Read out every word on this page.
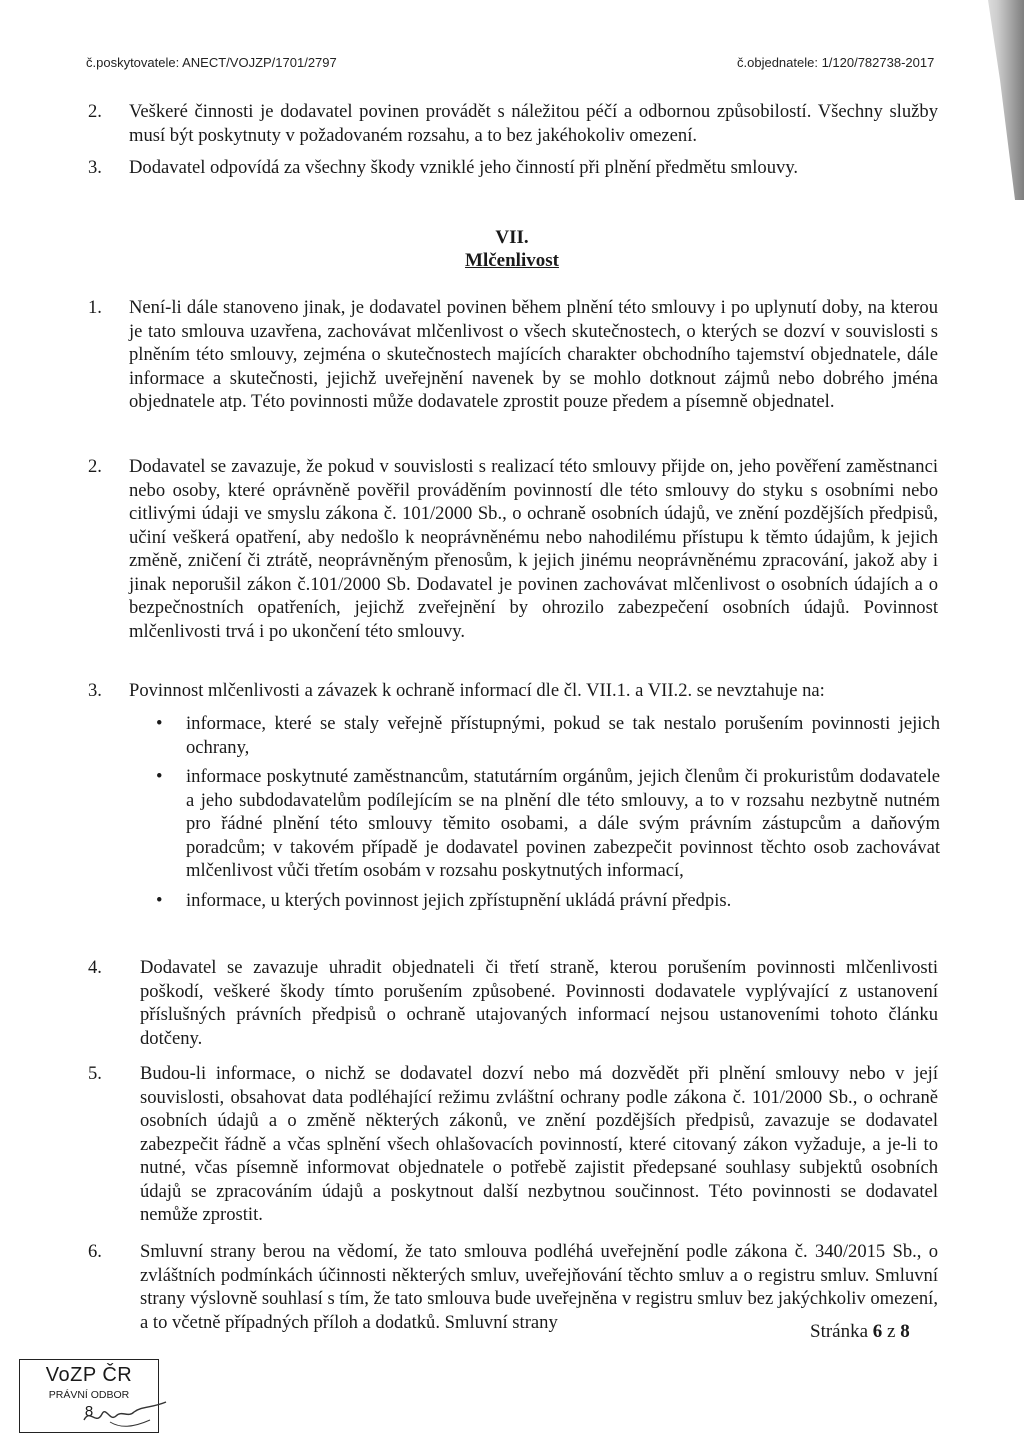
č.poskytovatele: ANECT/VOJZP/1701/2797	č.objednatele: 1/120/782738-2017
2.	Veškeré činnosti je dodavatel povinen provádět s náležitou péčí a odbornou způsobilostí. Všechny služby musí být poskytnuty v požadovaném rozsahu, a to bez jakéhokoliv omezení.
3.	Dodavatel odpovídá za všechny škody vzniklé jeho činností při plnění předmětu smlouvy.
VII.
Mlčenlivost
1.	Není-li dále stanoveno jinak, je dodavatel povinen během plnění této smlouvy i po uplynutí doby, na kterou je tato smlouva uzavřena, zachovávat mlčenlivost o všech skutečnostech, o kterých se dozví v souvislosti s plněním této smlouvy, zejména o skutečnostech majících charakter obchodního tajemství objednatele, dále informace a skutečnosti, jejichž uveřejnění navenek by se mohlo dotknout zájmů nebo dobrého jména objednatele atp. Této povinnosti může dodavatele zprostit pouze předem a písemně objednatel.
2.	Dodavatel se zavazuje, že pokud v souvislosti s realizací této smlouvy přijde on, jeho pověření zaměstnanci nebo osoby, které oprávněně pověřil prováděním povinností dle této smlouvy do styku s osobními nebo citlivými údaji ve smyslu zákona č. 101/2000 Sb., o ochraně osobních údajů, ve znění pozdějších předpisů, učiní veškerá opatření, aby nedošlo k neoprávněnému nebo nahodilému přístupu k těmto údajům, k jejich změně, zničení či ztrátě, neoprávněným přenosům, k jejich jinému neoprávněnému zpracování, jakož aby i jinak neporušil zákon č.101/2000 Sb. Dodavatel je povinen zachovávat mlčenlivost o osobních údajích a o bezpečnostních opatřeních, jejichž zveřejnění by ohrozilo zabezpečení osobních údajů. Povinnost mlčenlivosti trvá i po ukončení této smlouvy.
3.	Povinnost mlčenlivosti a závazek k ochraně informací dle čl. VII.1. a VII.2. se nevztahuje na:
• informace, které se staly veřejně přístupnými, pokud se tak nestalo porušením povinnosti jejich ochrany,
• informace poskytnuté zaměstnancům, statutárním orgánům, jejich členům či prokuristům dodavatele a jeho subdodavatelům podílejícím se na plnění dle této smlouvy, a to v rozsahu nezbytně nutném pro řádné plnění této smlouvy těmito osobami, a dále svým právním zástupcům a daňovým poradcům; v takovém případě je dodavatel povinen zabezpečit povinnost těchto osob zachovávat mlčenlivost vůči třetím osobám v rozsahu poskytnutých informací,
• informace, u kterých povinnost jejich zpřístupnění ukládá právní předpis.
4.	Dodavatel se zavazuje uhradit objednateli či třetí straně, kterou porušením povinnosti mlčenlivosti poškodí, veškeré škody tímto porušením způsobené. Povinnosti dodavatele vyplývající z ustanovení příslušných právních předpisů o ochraně utajovaných informací nejsou ustanoveními tohoto článku dotčeny.
5.	Budou-li informace, o nichž se dodavatel dozví nebo má dozvědět při plnění smlouvy nebo v její souvislosti, obsahovat data podléhající režimu zvláštní ochrany podle zákona č. 101/2000 Sb., o ochraně osobních údajů a o změně některých zákonů, ve znění pozdějších předpisů, zavazuje se dodavatel zabezpečit řádně a včas splnění všech ohlašovacích povinností, které citovaný zákon vyžaduje, a je-li to nutné, včas písemně informovat objednatele o potřebě zajistit předepsané souhlasy subjektů osobních údajů se zpracováním údajů a poskytnout další nezbytnou součinnost. Této povinnosti se dodavatel nemůže zprostit.
6.	Smluvní strany berou na vědomí, že tato smlouva podléhá uveřejnění podle zákona č. 340/2015 Sb., o zvláštních podmínkách účinnosti některých smluv, uveřejňování těchto smluv a o registru smluv. Smluvní strany výslovně souhlasí s tím, že tato smlouva bude uveřejněna v registru smluv bez jakýchkoliv omezení, a to včetně případných příloh a dodatků. Smluvní strany	Stránka 6 z 8
VoZP ČR
PRÁVNÍ ODBOR
8
